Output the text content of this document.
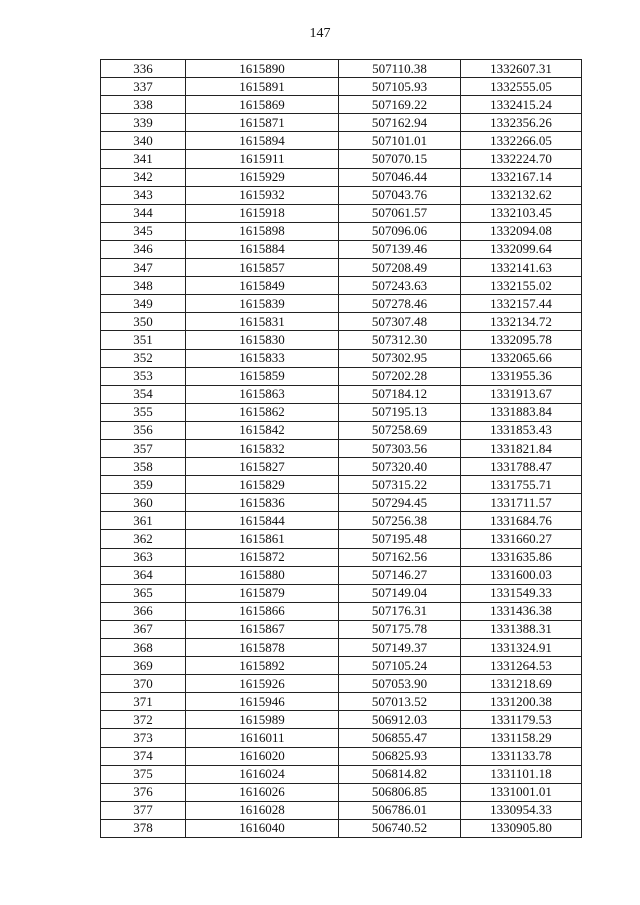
147
336	1615890	507110.38	1332607.31
337	1615891	507105.93	1332555.05
338	1615869	507169.22	1332415.24
339	1615871	507162.94	1332356.26
340	1615894	507101.01	1332266.05
341	1615911	507070.15	1332224.70
342	1615929	507046.44	1332167.14
343	1615932	507043.76	1332132.62
344	1615918	507061.57	1332103.45
345	1615898	507096.06	1332094.08
346	1615884	507139.46	1332099.64
347	1615857	507208.49	1332141.63
348	1615849	507243.63	1332155.02
349	1615839	507278.46	1332157.44
350	1615831	507307.48	1332134.72
351	1615830	507312.30	1332095.78
352	1615833	507302.95	1332065.66
353	1615859	507202.28	1331955.36
354	1615863	507184.12	1331913.67
355	1615862	507195.13	1331883.84
356	1615842	507258.69	1331853.43
357	1615832	507303.56	1331821.84
358	1615827	507320.40	1331788.47
359	1615829	507315.22	1331755.71
360	1615836	507294.45	1331711.57
361	1615844	507256.38	1331684.76
362	1615861	507195.48	1331660.27
363	1615872	507162.56	1331635.86
364	1615880	507146.27	1331600.03
365	1615879	507149.04	1331549.33
366	1615866	507176.31	1331436.38
367	1615867	507175.78	1331388.31
368	1615878	507149.37	1331324.91
369	1615892	507105.24	1331264.53
370	1615926	507053.90	1331218.69
371	1615946	507013.52	1331200.38
372	1615989	506912.03	1331179.53
373	1616011	506855.47	1331158.29
374	1616020	506825.93	1331133.78
375	1616024	506814.82	1331101.18
376	1616026	506806.85	1331001.01
377	1616028	506786.01	1330954.33
378	1616040	506740.52	1330905.80
